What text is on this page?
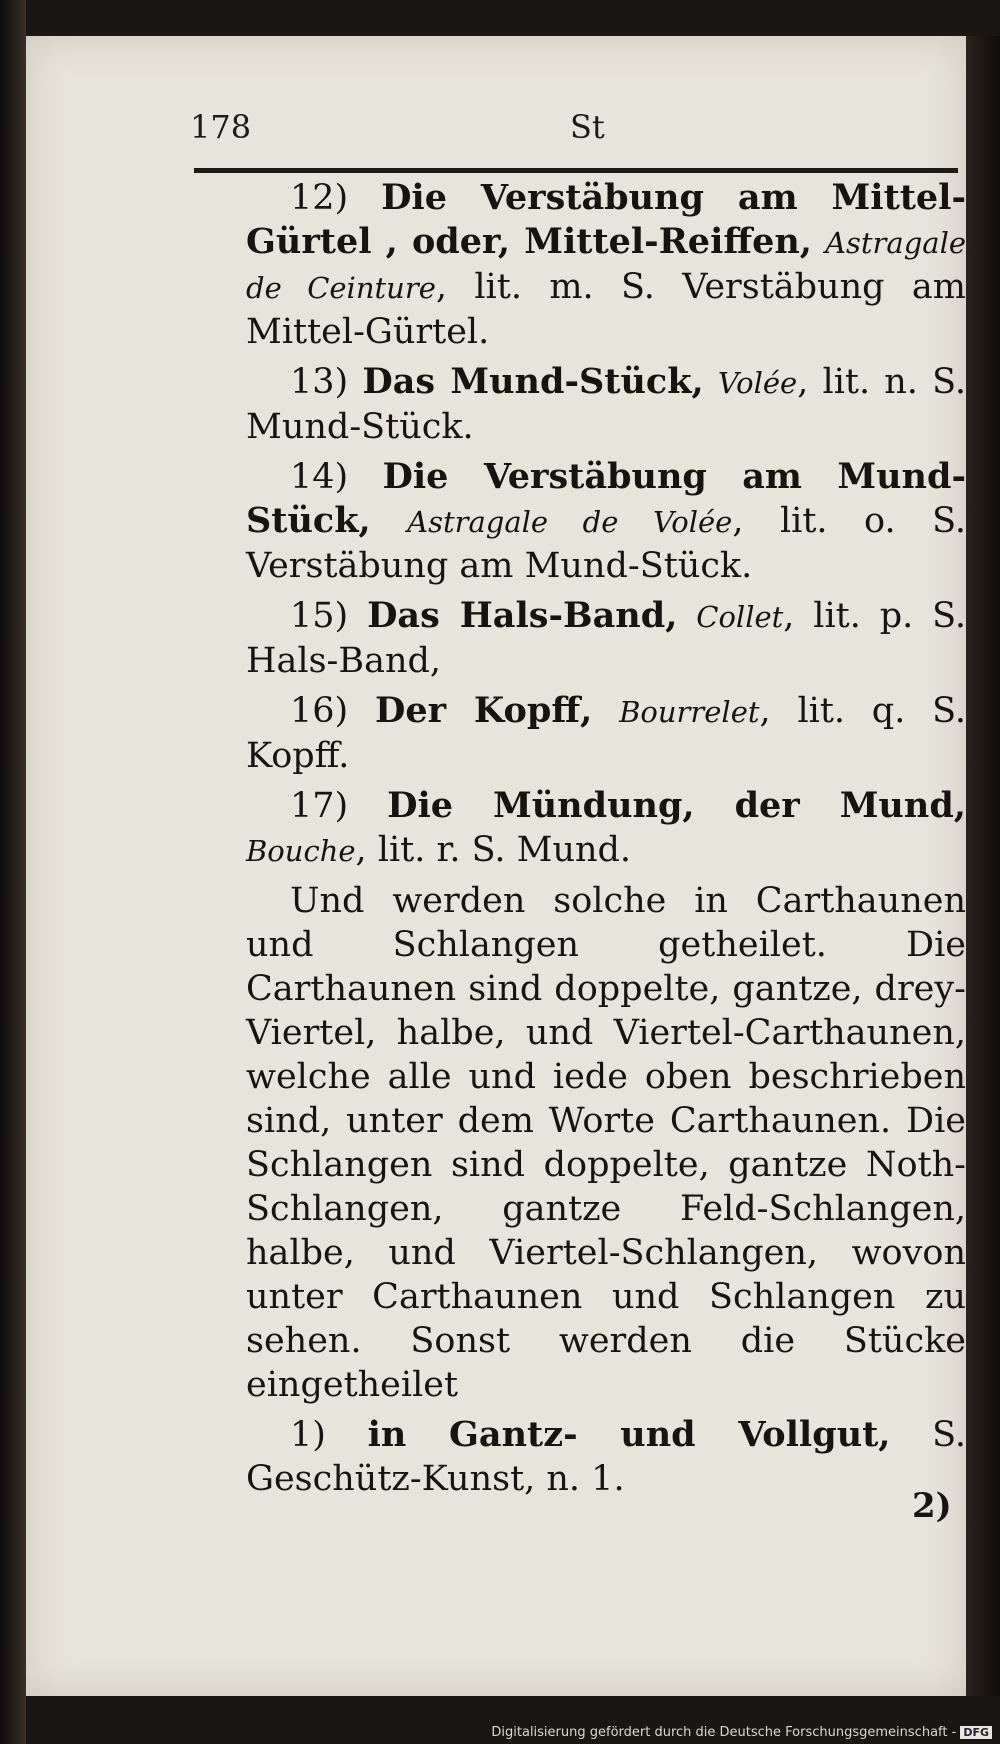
178	St

12) Die Verstäbung am Mittel-Gürtel , oder, Mittel-Reiffen, Astragale de Ceinture, lit. m. S. Verstäbung am Mittel-Gürtel.

13) Das Mund-Stück, Volée, lit. n. S. Mund-Stück.

14) Die Verstäbung am Mund-Stück, Astragale de Volée, lit. o. S. Verstäbung am Mund-Stück.

15) Das Hals-Band, Collet, lit. p. S. Hals-Band,

16) Der Kopff, Bourrelet, lit. q. S. Kopff.

17) Die Mündung, der Mund, Bouche, lit. r. S. Mund.

Und werden solche in Carthaunen und Schlangen getheilet. Die Carthaunen sind doppelte, gantze, drey-Viertel, halbe, und Viertel-Carthaunen, welche alle und iede oben beschrieben sind, unter dem Worte Carthaunen. Die Schlangen sind doppelte, gantze Noth-Schlangen, gantze Feld-Schlangen, halbe, und Viertel-Schlangen, wovon unter Carthaunen und Schlangen zu sehen. Sonst werden die Stücke eingetheilet

1) in Gantz- und Vollgut, S. Geschütz-Kunst, n. 1.

2)
Digitalisierung gefördert durch die Deutsche Forschungsgemeinschaft - DFG
